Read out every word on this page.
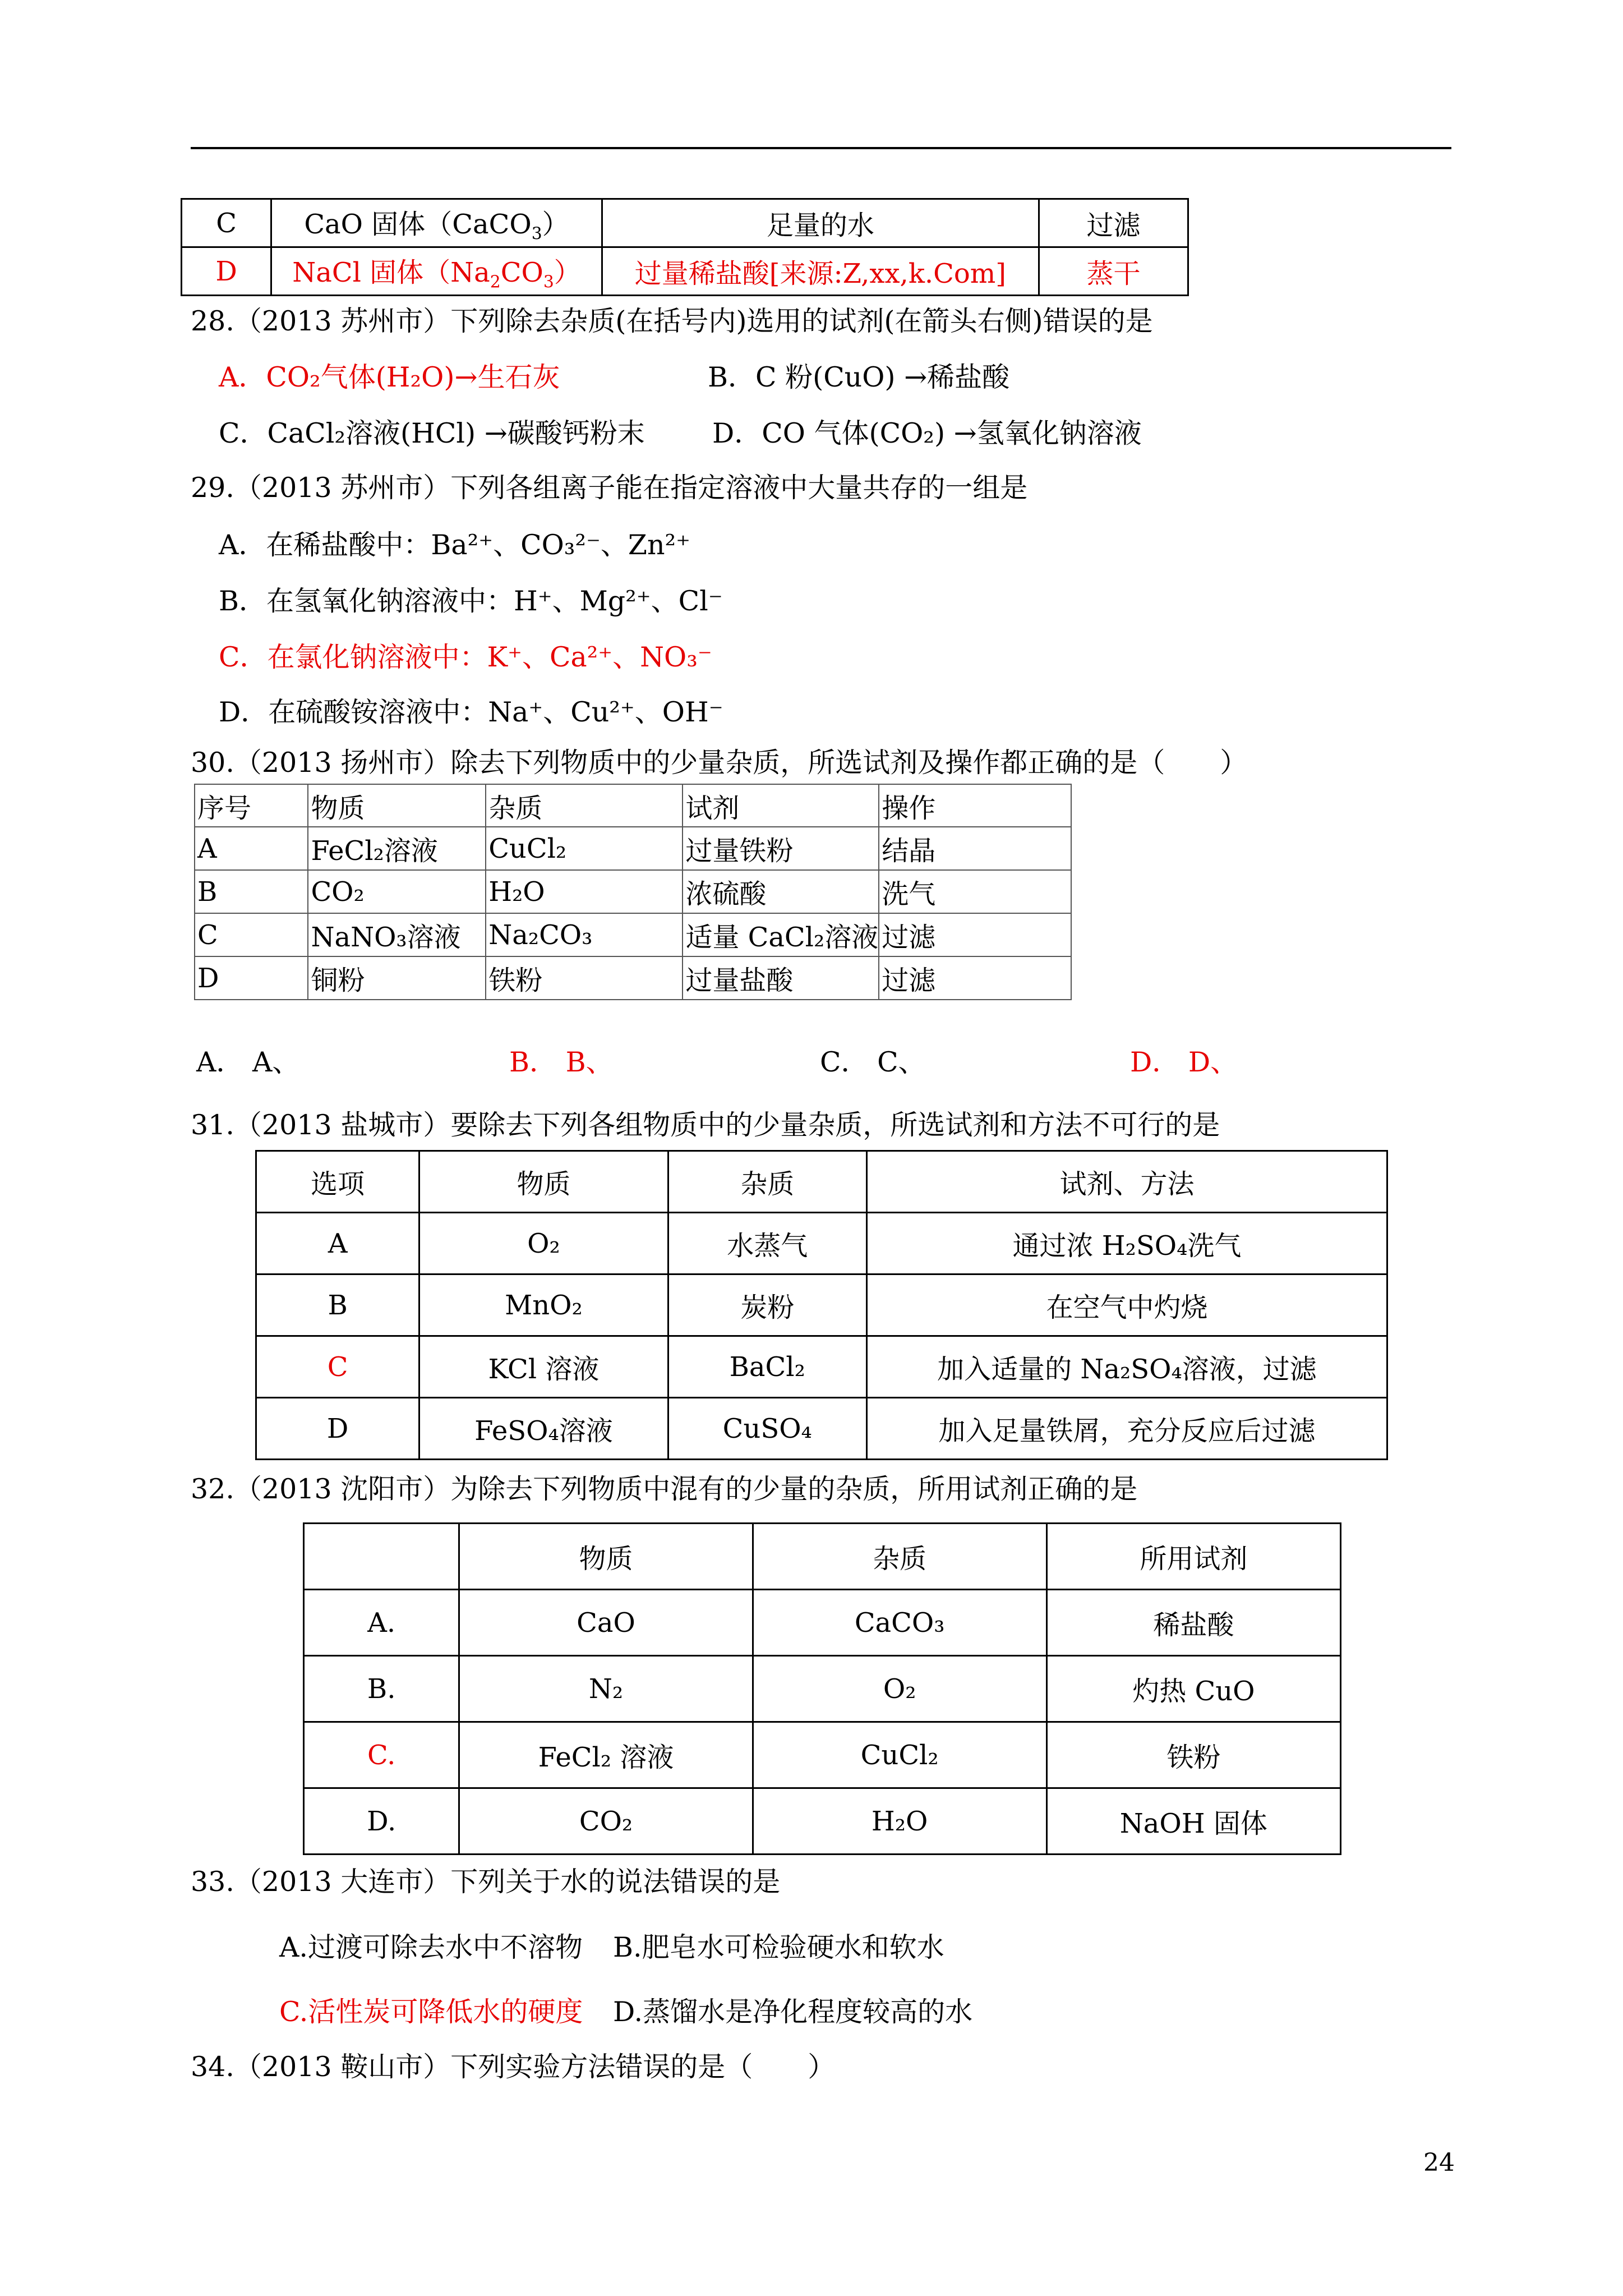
C	CaO 固体（CaCO$_3$）	足量的水	过滤
D	NaCl 固体$(Na_2CO_3)$	过量稀盐酸[来源:Z,xx,k.Com]	蒸干
28.（2013 苏州市）下列除去杂质(在括号内)选用的试剂(在箭头右侧)错误的是
A．CO₂气体(H₂O)→生石灰	B．C 粉(CuO) →稀盐酸
C．CaCl₂溶液(HCl) →碳酸钙粉末 D．CO 气体(CO₂) →氢氧化钠溶液
29.（2013 苏州市）下列各组离子能在指定溶液中大量共存的一组是
A．在稀盐酸中：Ba²⁺、CO₃²⁻、Zn²⁺
B．在氢氧化钠溶液中：H⁺、Mg²⁺、Cl⁻
C．在氯化钠溶液中：K⁺、Ca²⁺、NO₃⁻
D．在硫酸铵溶液中：Na⁺、Cu²⁺、OH⁻
30.（2013 扬州市）除去下列物质中的少量杂质，所选试剂及操作都正确的是（　　）
序号	物质	杂质	试剂	操作
A	FeCl₂溶液	CuCl₂	过量铁粉	结晶
B	CO₂	H₂O	浓硫酸	洗气
C	NaNO₃溶液	Na₂CO₃	适量 CaCl₂溶液	过滤
D	铜粉	铁粉	过量盐酸	过滤
A． A、	B． B、	C． C、	D． D、
31.（2013 盐城市）要除去下列各组物质中的少量杂质，所选试剂和方法不可行的是
选项	物质	杂质	试剂、方法
A	O₂	水蒸气	通过浓 H₂SO₄洗气
B	MnO₂	炭粉	在空气中灼烧
C	KCl 溶液	BaCl₂	加入适量的 Na₂SO₄溶液，过滤
D	FeSO₄溶液	CuSO₄	加入足量铁屑，充分反应后过滤
32.（2013 沈阳市）为除去下列物质中混有的少量的杂质，所用试剂正确的是
	物质	杂质	所用试剂
A.	CaO	CaCO₃	稀盐酸
B.	N₂	O₂	灼热 CuO
C.	FeCl₂ 溶液	CuCl₂	铁粉
D.	CO₂	H₂O	NaOH 固体
33.（2013 大连市）下列关于水的说法错误的是
A.过渡可除去水中不溶物 B.肥皂水可检验硬水和软水
C.活性炭可降低水的硬度 D.蒸馏水是净化程度较高的水
34.（2013 鞍山市）下列实验方法错误的是（　　）
24
